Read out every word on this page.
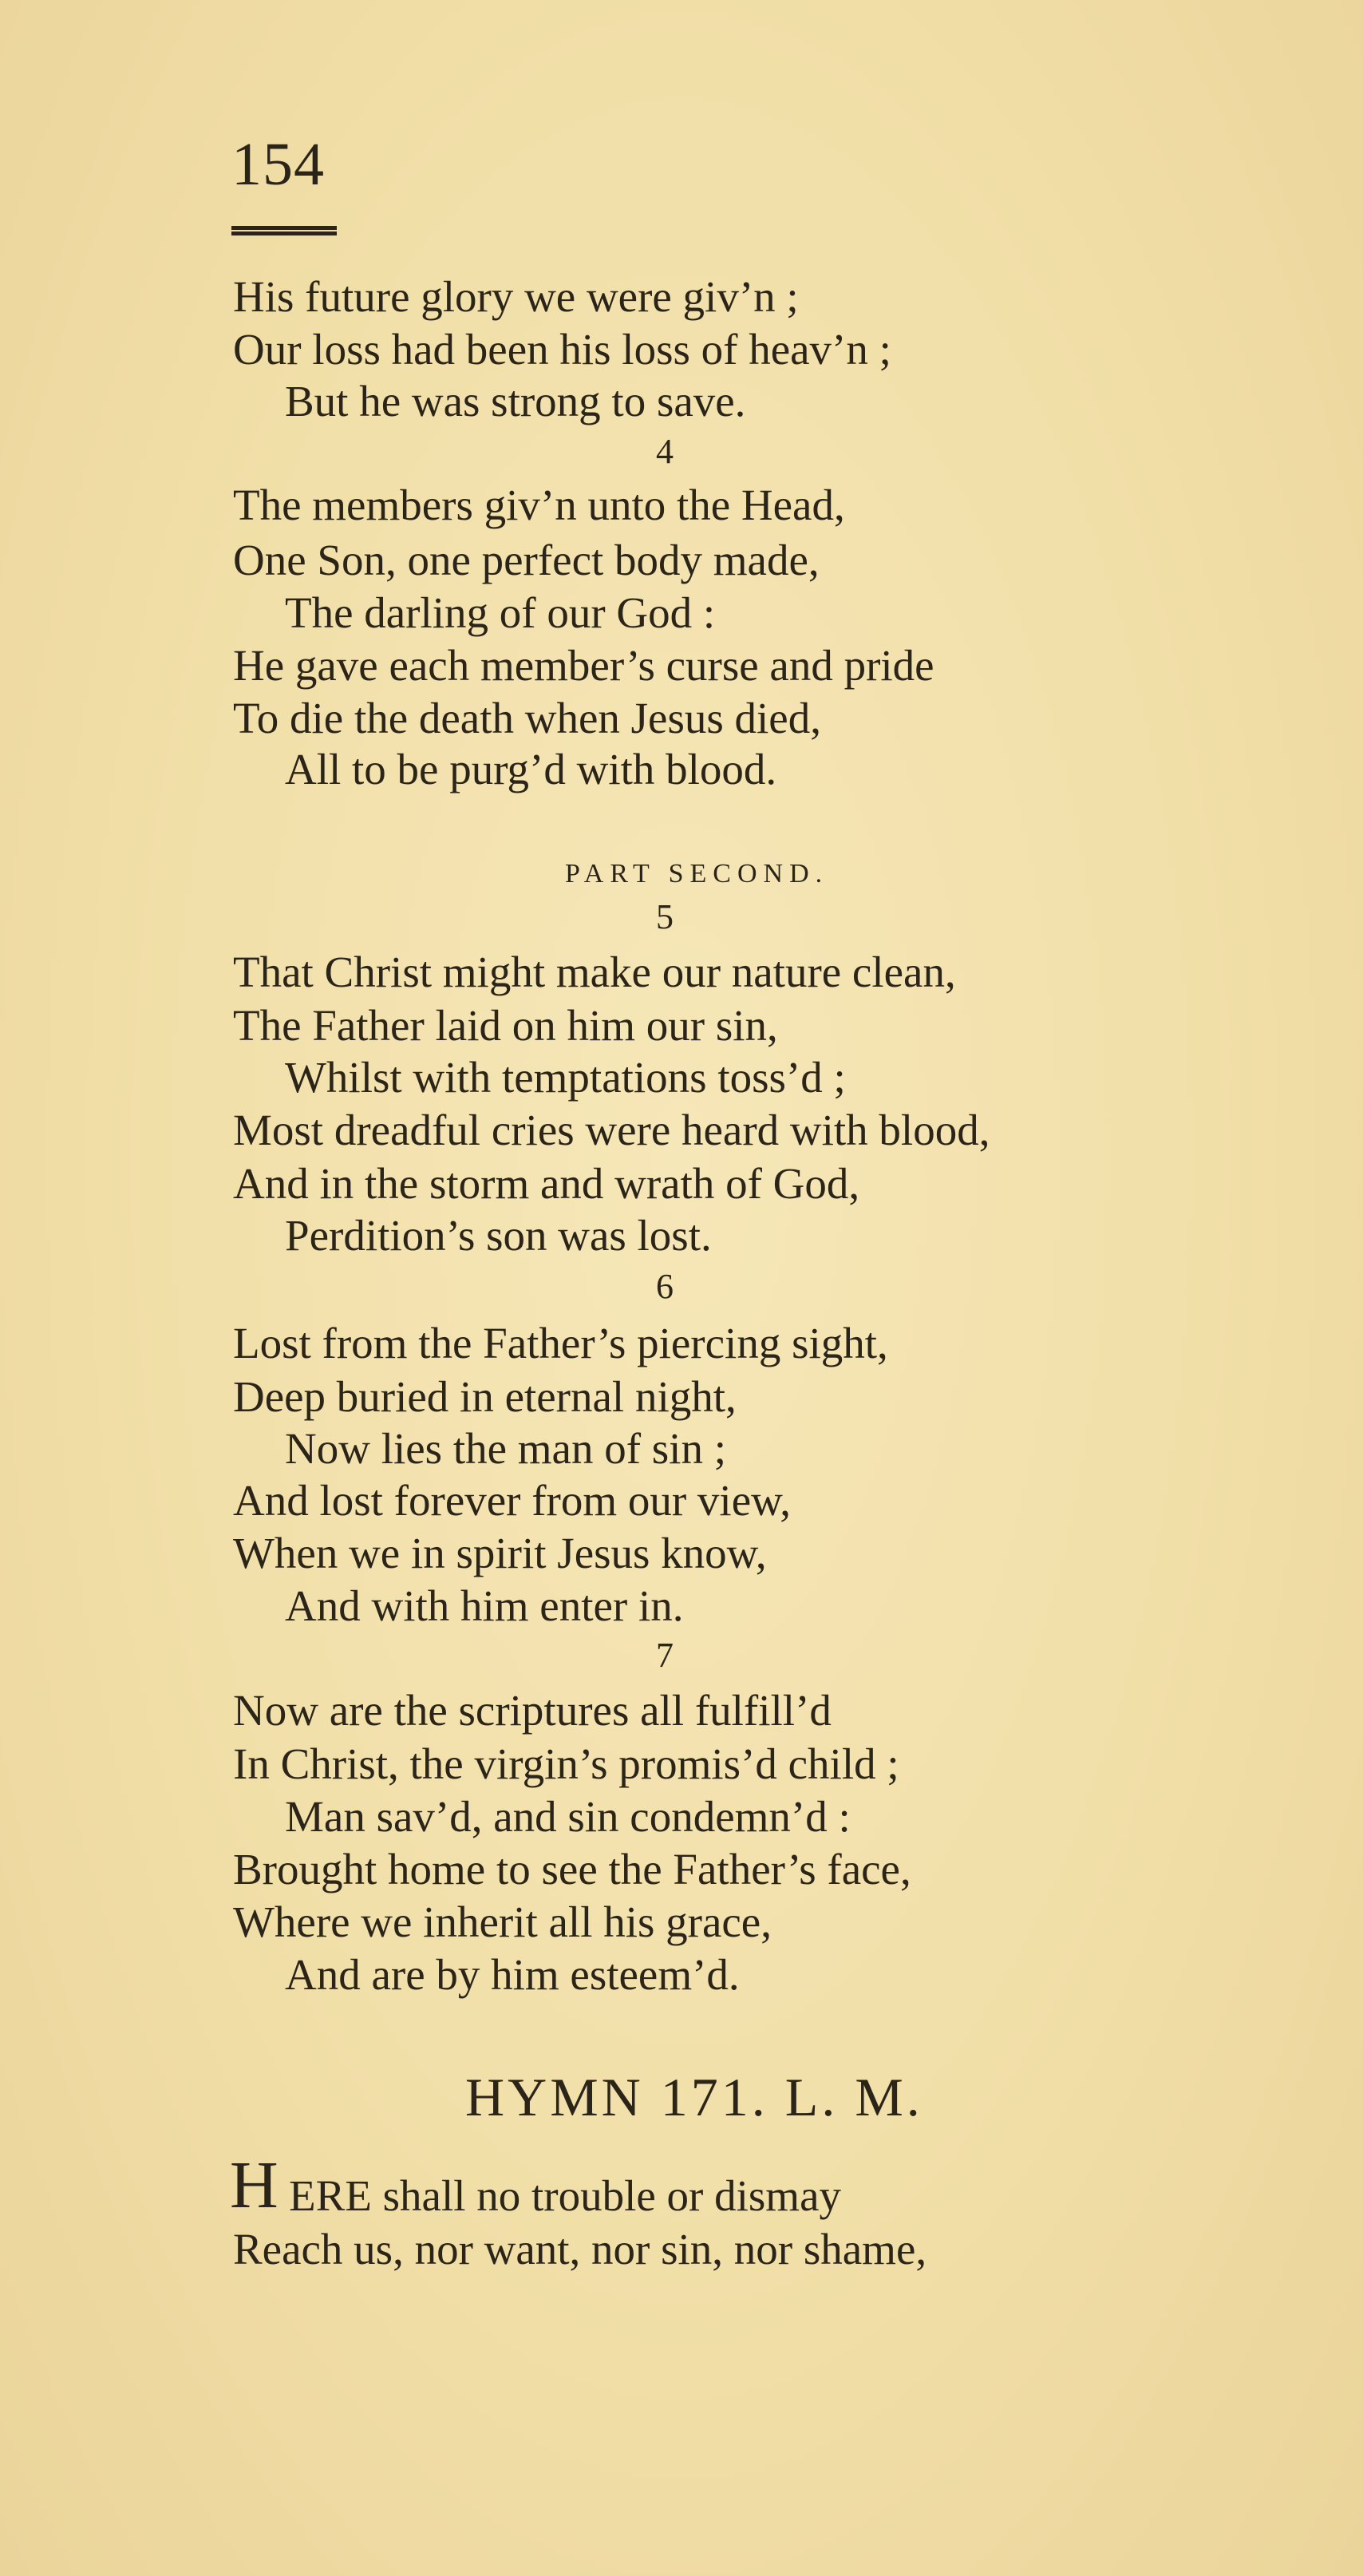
154
His future glory we were giv’n ;
Our loss had been his loss of heav’n ;
But he was strong to save.
4
The members giv’n unto the Head,
One Son, one perfect body made,
The darling of our God :
He gave each member’s curse and pride
To die the death when Jesus died,
All to be purg’d with blood.
PART SECOND.
5
That Christ might make our nature clean,
The Father laid on him our sin,
Whilst with temptations toss’d ;
Most dreadful cries were heard with blood,
And in the storm and wrath of God,
Perdition’s son was lost.
6
Lost from the Father’s piercing sight,
Deep buried in eternal night,
Now lies the man of sin ;
And lost forever from our view,
When we in spirit Jesus know,
And with him enter in.
7
Now are the scriptures all fulfill’d
In Christ, the virgin’s promis’d child ;
Man sav’d, and sin condemn’d :
Brought home to see the Father’s face,
Where we inherit all his grace,
And are by him esteem’d.
HYMN 171. L. M.
H ERE shall no trouble or dismay
Reach us, nor want, nor sin, nor shame,
